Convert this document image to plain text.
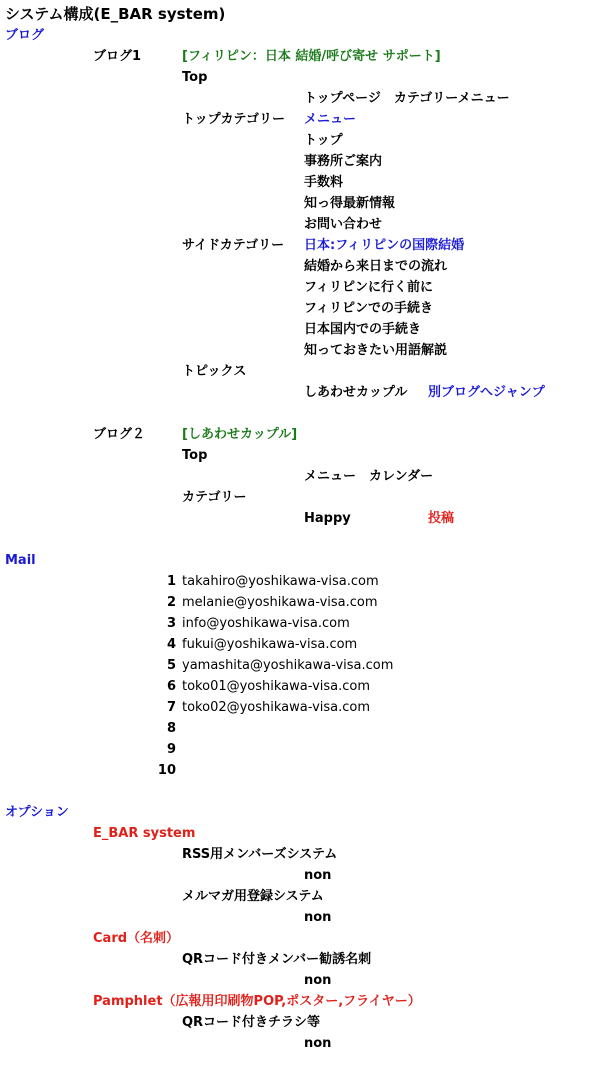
システム構成(E_BAR system)
ブログ
ブログ1	[フィリピン：日本 結婚/呼び寄せ サポート]
Top
トップページ　カテゴリーメニュー
トップカテゴリー メニュー
トップ
事務所ご案内
手数料
知っ得最新情報
お問い合わせ
サイドカテゴリー 日本:フィリピンの国際結婚
結婚から来日までの流れ
フィリピンに行く前に
フィリピンでの手続き
日本国内での手続き
知っておきたい用語解説
トピックス
しあわせカップル 別ブログへジャンプ
ブログ２	[しあわせカップル]
Top
メニュー　カレンダー
カテゴリー
Happy	投稿
Mail
1 takahiro@yoshikawa-visa.com
2 melanie@yoshikawa-visa.com
3 info@yoshikawa-visa.com
4 fukui@yoshikawa-visa.com
5 yamashita@yoshikawa-visa.com
6 toko01@yoshikawa-visa.com
7 toko02@yoshikawa-visa.com
8
9
10
オプション
E_BAR system
RSS用メンバーズシステム
non
メルマガ用登録システム
non
Card（名刺）
QRコード付きメンバー勧誘名刺
non
Pamphlet（広報用印刷物POP,ポスター,フライヤー）
QRコード付きチラシ等
non
